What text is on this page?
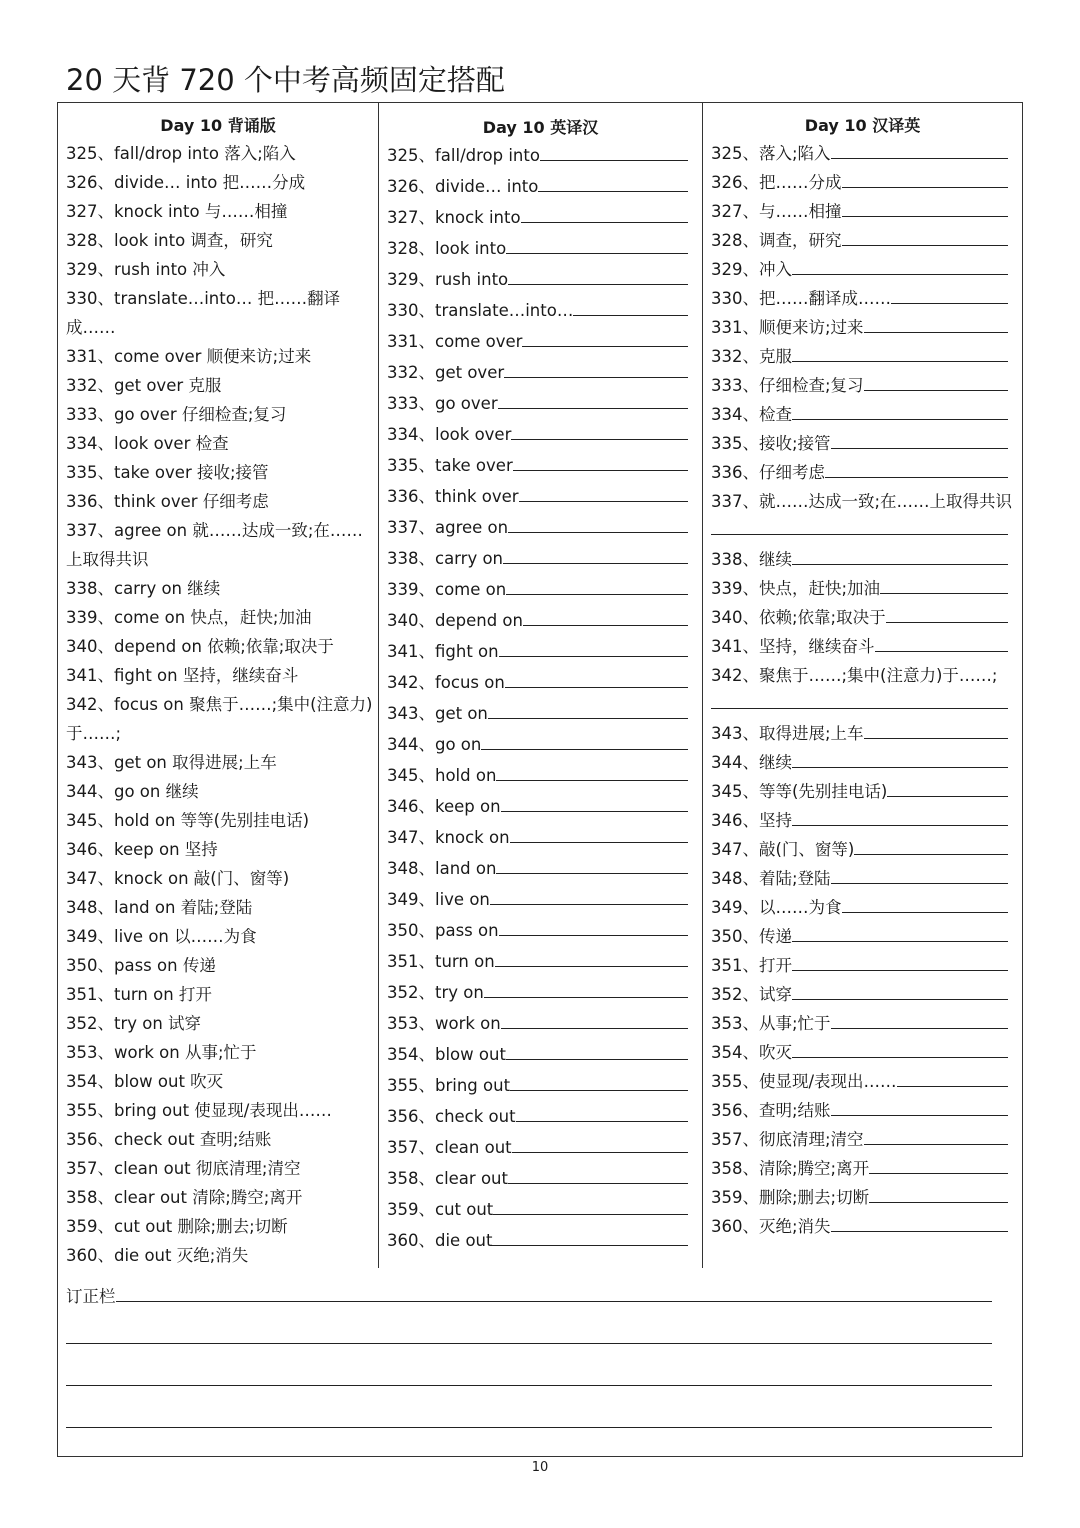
20 天背 720 个中考高频固定搭配
Day 10 背诵版
325、fall/drop into 落入;陷入
326、divide… into 把……分成
327、knock into 与……相撞
328、look into 调查，研究
329、rush into 冲入
330、translate…into… 把……翻译成……
331、come over 顺便来访;过来
332、get over 克服
333、go over 仔细检查;复习
334、look over 检查
335、take over 接收;接管
336、think over 仔细考虑
337、agree on 就……达成一致;在……上取得共识
338、carry on 继续
339、come on 快点，赶快;加油
340、depend on 依赖;依靠;取决于
341、fight on 坚持，继续奋斗
342、focus on 聚焦于……;集中(注意力)于……;
343、get on 取得进展;上车
344、go on 继续
345、hold on 等等(先别挂电话)
346、keep on 坚持
347、knock on 敲(门、窗等)
348、land on 着陆;登陆
349、live on 以……为食
350、pass on 传递
351、turn on 打开
352、try on 试穿
353、work on 从事;忙于
354、blow out 吹灭
355、bring out 使显现/表现出……
356、check out 查明;结账
357、clean out 彻底清理;清空
358、clear out 清除;腾空;离开
359、cut out 删除;删去;切断
360、die out 灭绝;消失
Day 10 英译汉
325、fall/drop into
326、divide… into
327、knock into
328、look into
329、rush into
330、translate…into…
331、come over
332、get over
333、go over
334、look over
335、take over
336、think over
337、agree on
338、carry on
339、come on
340、depend on
341、fight on
342、focus on
343、get on
344、go on
345、hold on
346、keep on
347、knock on
348、land on
349、live on
350、pass on
351、turn on
352、try on
353、work on
354、blow out
355、bring out
356、check out
357、clean out
358、clear out
359、cut out
360、die out
Day 10 汉译英
325、落入;陷入
326、把……分成
327、与……相撞
328、调查，研究
329、冲入
330、把……翻译成……
331、顺便来访;过来
332、克服
333、仔细检查;复习
334、检查
335、接收;接管
336、仔细考虑
337、就……达成一致;在……上取得共识
338、继续
339、快点，赶快;加油
340、依赖;依靠;取决于
341、坚持，继续奋斗
342、聚焦于……;集中(注意力)于……;
343、取得进展;上车
344、继续
345、等等(先别挂电话)
346、坚持
347、敲(门、窗等)
348、着陆;登陆
349、以……为食
350、传递
351、打开
352、试穿
353、从事;忙于
354、吹灭
355、使显现/表现出……
356、查明;结账
357、彻底清理;清空
358、清除;腾空;离开
359、删除;删去;切断
360、灭绝;消失
订正栏
10
